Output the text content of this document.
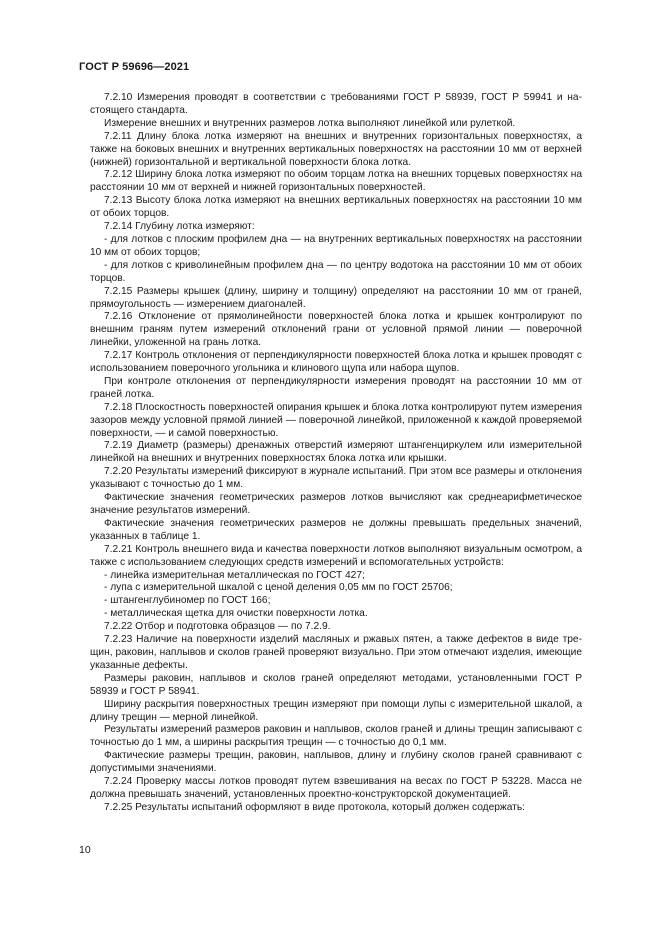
ГОСТ Р 59696—2021

7.2.10 Измерения проводят в соответствии с требованиями ГОСТ Р 58939, ГОСТ Р 59941 и настоящего стандарта.

Измерение внешних и внутренних размеров лотка выполняют линейкой или рулеткой.

7.2.11 Длину блока лотка измеряют на внешних и внутренних горизонтальных поверхностях, а также на боковых внешних и внутренних вертикальных поверхностях на расстоянии 10 мм от верхней (нижней) горизонтальной и вертикальной поверхности блока лотка.

7.2.12 Ширину блока лотка измеряют по обоим торцам лотка на внешних торцевых поверхностях на расстоянии 10 мм от верхней и нижней горизонтальных поверхностей.

7.2.13 Высоту блока лотка измеряют на внешних вертикальных поверхностях на расстоянии 10 мм от обоих торцов.

7.2.14 Глубину лотка измеряют:

- для лотков с плоским профилем дна — на внутренних вертикальных поверхностях на расстоянии 10 мм от обоих торцов;

- для лотков с криволинейным профилем дна — по центру водотока на расстоянии 10 мм от обоих торцов.

7.2.15 Размеры крышек (длину, ширину и толщину) определяют на расстоянии 10 мм от граней, прямоугольность — измерением диагоналей.

7.2.16 Отклонение от прямолинейности поверхностей блока лотка и крышек контролируют по внешним граням путем измерений отклонений грани от условной прямой линии — поверочной линейки, уложенной на грань лотка.

7.2.17 Контроль отклонения от перпендикулярности поверхностей блока лотка и крышек проводят с использованием поверочного угольника и клинового щупа или набора щупов.

При контроле отклонения от перпендикулярности измерения проводят на расстоянии 10 мм от граней лотка.

7.2.18 Плоскостность поверхностей опирания крышек и блока лотка контролируют путем измерения зазоров между условной прямой линией — поверочной линейкой, приложенной к каждой проверяемой поверхности, — и самой поверхностью.

7.2.19 Диаметр (размеры) дренажных отверстий измеряют штангенциркулем или измерительной линейкой на внешних и внутренних поверхностях блока лотка или крышки.

7.2.20 Результаты измерений фиксируют в журнале испытаний. При этом все размеры и отклонения указывают с точностью до 1 мм.

Фактические значения геометрических размеров лотков вычисляют как среднеарифметическое значение результатов измерений.

Фактические значения геометрических размеров не должны превышать предельных значений, указанных в таблице 1.

7.2.21 Контроль внешнего вида и качества поверхности лотков выполняют визуальным осмотром, а также с использованием следующих средств измерений и вспомогательных устройств:

- линейка измерительная металлическая по ГОСТ 427;

- лупа с измерительной шкалой с ценой деления 0,05 мм по ГОСТ 25706;

- штангенглубиномер по ГОСТ 166;

- металлическая щетка для очистки поверхности лотка.

7.2.22 Отбор и подготовка образцов — по 7.2.9.

7.2.23 Наличие на поверхности изделий масляных и ржавых пятен, а также дефектов в виде трещин, раковин, наплывов и сколов граней проверяют визуально. При этом отмечают изделия, имеющие указанные дефекты.

Размеры раковин, наплывов и сколов граней определяют методами, установленными ГОСТ Р 58939 и ГОСТ Р 58941.

Ширину раскрытия поверхностных трещин измеряют при помощи лупы с измерительной шкалой, а длину трещин — мерной линейкой.

Результаты измерений размеров раковин и наплывов, сколов граней и длины трещин записывают с точностью до 1 мм, а ширины раскрытия трещин — с точностью до 0,1 мм.

Фактические размеры трещин, раковин, наплывов, длину и глубину сколов граней сравнивают с допустимыми значениями.

7.2.24 Проверку массы лотков проводят путем взвешивания на весах по ГОСТ Р 53228. Масса не должна превышать значений, установленных проектно-конструкторской документацией.

7.2.25 Результаты испытаний оформляют в виде протокола, который должен содержать:

10
